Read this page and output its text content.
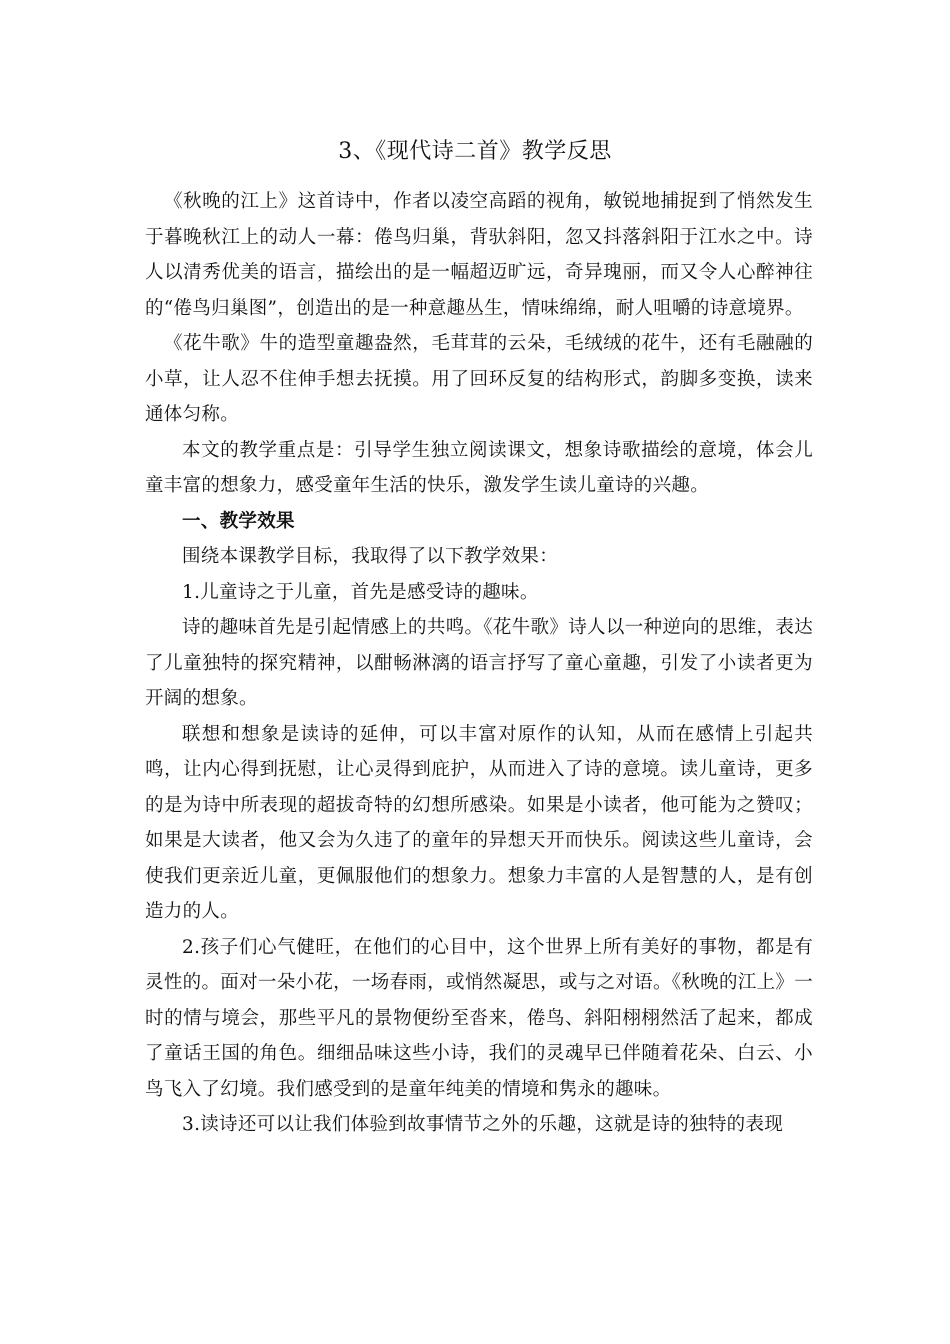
3、《现代诗二首》教学反思

《秋晚的江上》这首诗中，作者以凌空高蹈的视角，敏锐地捕捉到了悄然发生于暮晚秋江上的动人一幕：倦鸟归巢，背驮斜阳，忽又抖落斜阳于江水之中。诗人以清秀优美的语言，描绘出的是一幅超迈旷远，奇异瑰丽，而又令人心醉神往的“倦鸟归巢图”，创造出的是一种意趣丛生，情味绵绵，耐人咀嚼的诗意境界。

《花牛歌》牛的造型童趣盎然，毛茸茸的云朵，毛绒绒的花牛，还有毛融融的小草，让人忍不住伸手想去抚摸。用了回环反复的结构形式，韵脚多变换，读来通体匀称。

本文的教学重点是：引导学生独立阅读课文，想象诗歌描绘的意境，体会儿童丰富的想象力，感受童年生活的快乐，激发学生读儿童诗的兴趣。

一、教学效果

围绕本课教学目标，我取得了以下教学效果：

1.儿童诗之于儿童，首先是感受诗的趣味。

诗的趣味首先是引起情感上的共鸣。《花牛歌》诗人以一种逆向的思维，表达了儿童独特的探究精神，以酣畅淋漓的语言抒写了童心童趣，引发了小读者更为开阔的想象。

联想和想象是读诗的延伸，可以丰富对原作的认知，从而在感情上引起共鸣，让内心得到抚慰，让心灵得到庇护，从而进入了诗的意境。读儿童诗，更多的是为诗中所表现的超拔奇特的幻想所感染。如果是小读者，他可能为之赞叹；如果是大读者，他又会为久违了的童年的异想天开而快乐。阅读这些儿童诗，会使我们更亲近儿童，更佩服他们的想象力。想象力丰富的人是智慧的人，是有创造力的人。

2.孩子们心气健旺，在他们的心目中，这个世界上所有美好的事物，都是有灵性的。面对一朵小花，一场春雨，或悄然凝思，或与之对语。《秋晚的江上》一时的情与境会，那些平凡的景物便纷至沓来，倦鸟、斜阳栩栩然活了起来，都成了童话王国的角色。细细品味这些小诗，我们的灵魂早已伴随着花朵、白云、小鸟飞入了幻境。我们感受到的是童年纯美的情境和隽永的趣味。

3.读诗还可以让我们体验到故事情节之外的乐趣，这就是诗的独特的表现
